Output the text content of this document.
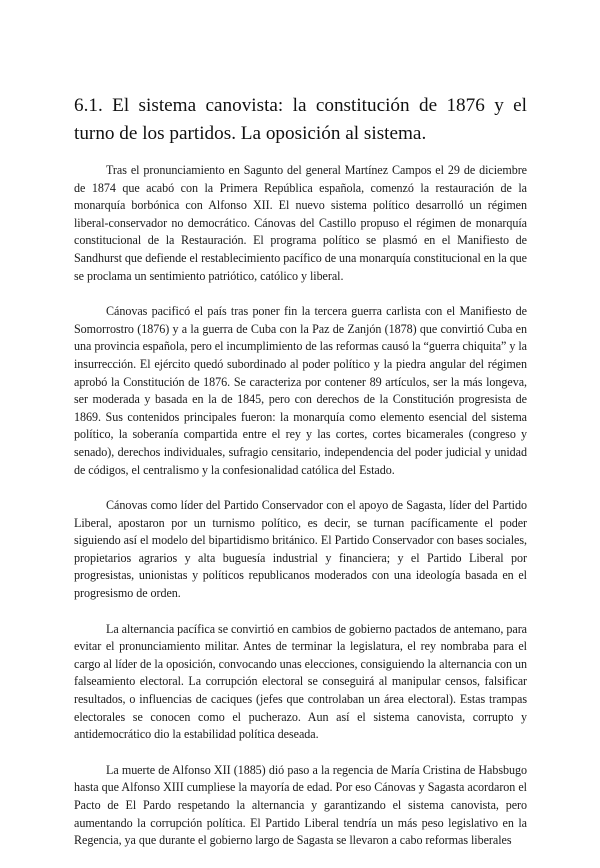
6.1. El sistema canovista: la constitución de 1876 y el turno de los partidos. La oposición al sistema.

Tras el pronunciamiento en Sagunto del general Martínez Campos el 29 de diciembre de 1874 que acabó con la Primera República española, comenzó la restauración de la monarquía borbónica con Alfonso XII. El nuevo sistema político desarrolló un régimen liberal-conservador no democrático. Cánovas del Castillo propuso el régimen de monarquía constitucional de la Restauración. El programa político se plasmó en el Manifiesto de Sandhurst que defiende el restablecimiento pacífico de una monarquía constitucional en la que se proclama un sentimiento patriótico, católico y liberal.

Cánovas pacificó el país tras poner fin la tercera guerra carlista con el Manifiesto de Somorrostro (1876) y a la guerra de Cuba con la Paz de Zanjón (1878) que convirtió Cuba en una provincia española, pero el incumplimiento de las reformas causó la “guerra chiquita” y la insurrección. El ejército quedó subordinado al poder político y la piedra angular del régimen aprobó la Constitución de 1876. Se caracteriza por contener 89 artículos, ser la más longeva, ser moderada y basada en la de 1845, pero con derechos de la Constitución progresista de 1869. Sus contenidos principales fueron: la monarquía como elemento esencial del sistema político, la soberanía compartida entre el rey y las cortes, cortes bicamerales (congreso y senado), derechos individuales, sufragio censitario, independencia del poder judicial y unidad de códigos, el centralismo y la confesionalidad católica del Estado.

Cánovas como líder del Partido Conservador con el apoyo de Sagasta, líder del Partido Liberal, apostaron por un turnismo político, es decir, se turnan pacíficamente el poder siguiendo así el modelo del bipartidismo británico. El Partido Conservador con bases sociales, propietarios agrarios y alta buguesía industrial y financiera; y el Partido Liberal por progresistas, unionistas y políticos republicanos moderados con una ideología basada en el progresismo de orden.

La alternancia pacífica se convirtió en cambios de gobierno pactados de antemano, para evitar el pronunciamiento militar. Antes de terminar la legislatura, el rey nombraba para el cargo al líder de la oposición, convocando unas elecciones, consiguiendo la alternancia con un falseamiento electoral. La corrupción electoral se conseguirá al manipular censos, falsificar resultados, o influencias de caciques (jefes que controlaban un área electoral). Estas trampas electorales se conocen como el pucherazo. Aun así el sistema canovista, corrupto y antidemocrático dio la estabilidad política deseada.

La muerte de Alfonso XII (1885) dió paso a la regencia de María Cristina de Habsbugo hasta que Alfonso XIII cumpliese la mayoría de edad. Por eso Cánovas y Sagasta acordaron el Pacto de El Pardo respetando la alternancia y garantizando el sistema canovista, pero aumentando la corrupción política. El Partido Liberal tendría un más peso legislativo en la Regencia, ya que durante el gobierno largo de Sagasta se llevaron a cabo reformas liberales
